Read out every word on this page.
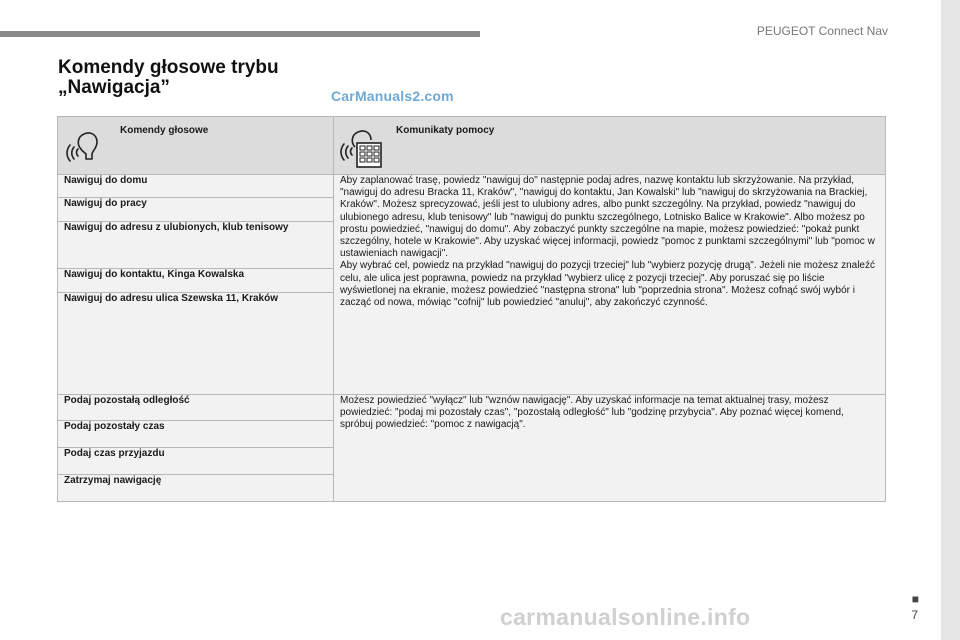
PEUGEOT Connect Nav
Komendy głosowe trybu
„Nawigacja”	CarManuals2.com
Komendy głosowe	Komunikaty pomocy

Nawiguj do domu	Aby zaplanować trasę, powiedz "nawiguj do" następnie podaj adres, nazwę kontaktu lub skrzyżowanie. Na przykład, "nawiguj do adresu Bracka 11, Kraków", "nawiguj do kontaktu, Jan Kowalski" lub "nawiguj do skrzyżowania na Brackiej, Kraków". Możesz sprecyzować, jeśli jest to ulubiony adres, albo punkt szczególny. Na przykład, powiedz "nawiguj do ulubionego adresu, klub tenisowy" lub "nawiguj do punktu szczególnego, Lotnisko Balice w Krakowie". Albo możesz po prostu powiedzieć, "nawiguj do domu". Aby zobaczyć punkty szczególne na mapie, możesz powiedzieć: "pokaż punkt szczególny, hotele w Krakowie". Aby uzyskać więcej informacji, powiedz "pomoc z punktami szczególnymi" lub "pomoc w ustawieniach nawigacji".
Aby wybrać cel, powiedz na przykład "nawiguj do pozycji trzeciej" lub "wybierz pozycję drugą". Jeżeli nie możesz znaleźć celu, ale ulica jest poprawna, powiedz na przykład "wybierz ulicę z pozycji trzeciej". Aby poruszać się po liście wyświetlonej na ekranie, możesz powiedzieć "następna strona" lub "poprzednia strona". Możesz cofnąć swój wybór i zacząć od nowa, mówiąc "cofnij" lub powiedzieć "anuluj", aby zakończyć czynność.

Nawiguj do pracy	
Nawiguj do adresu z ulubionych, klub tenisowy	
Nawiguj do kontaktu, Kinga Kowalska	
Nawiguj do adresu ulica Szewska 11, Kraków	
Podaj pozostałą odległość	Możesz powiedzieć "wyłącz" lub "wznów nawigację". Aby uzyskać informacje na temat aktualnej trasy, możesz powiedzieć: "podaj mi pozostały czas", "pozostałą odległość" lub "godzinę przybycia". Aby poznać więcej komend, spróbuj powiedzieć: "pomoc z nawigacją".

Podaj pozostały czas	
Podaj czas przyjazdu	
Zatrzymaj nawigację	
■
7
carmanualsonline.info
